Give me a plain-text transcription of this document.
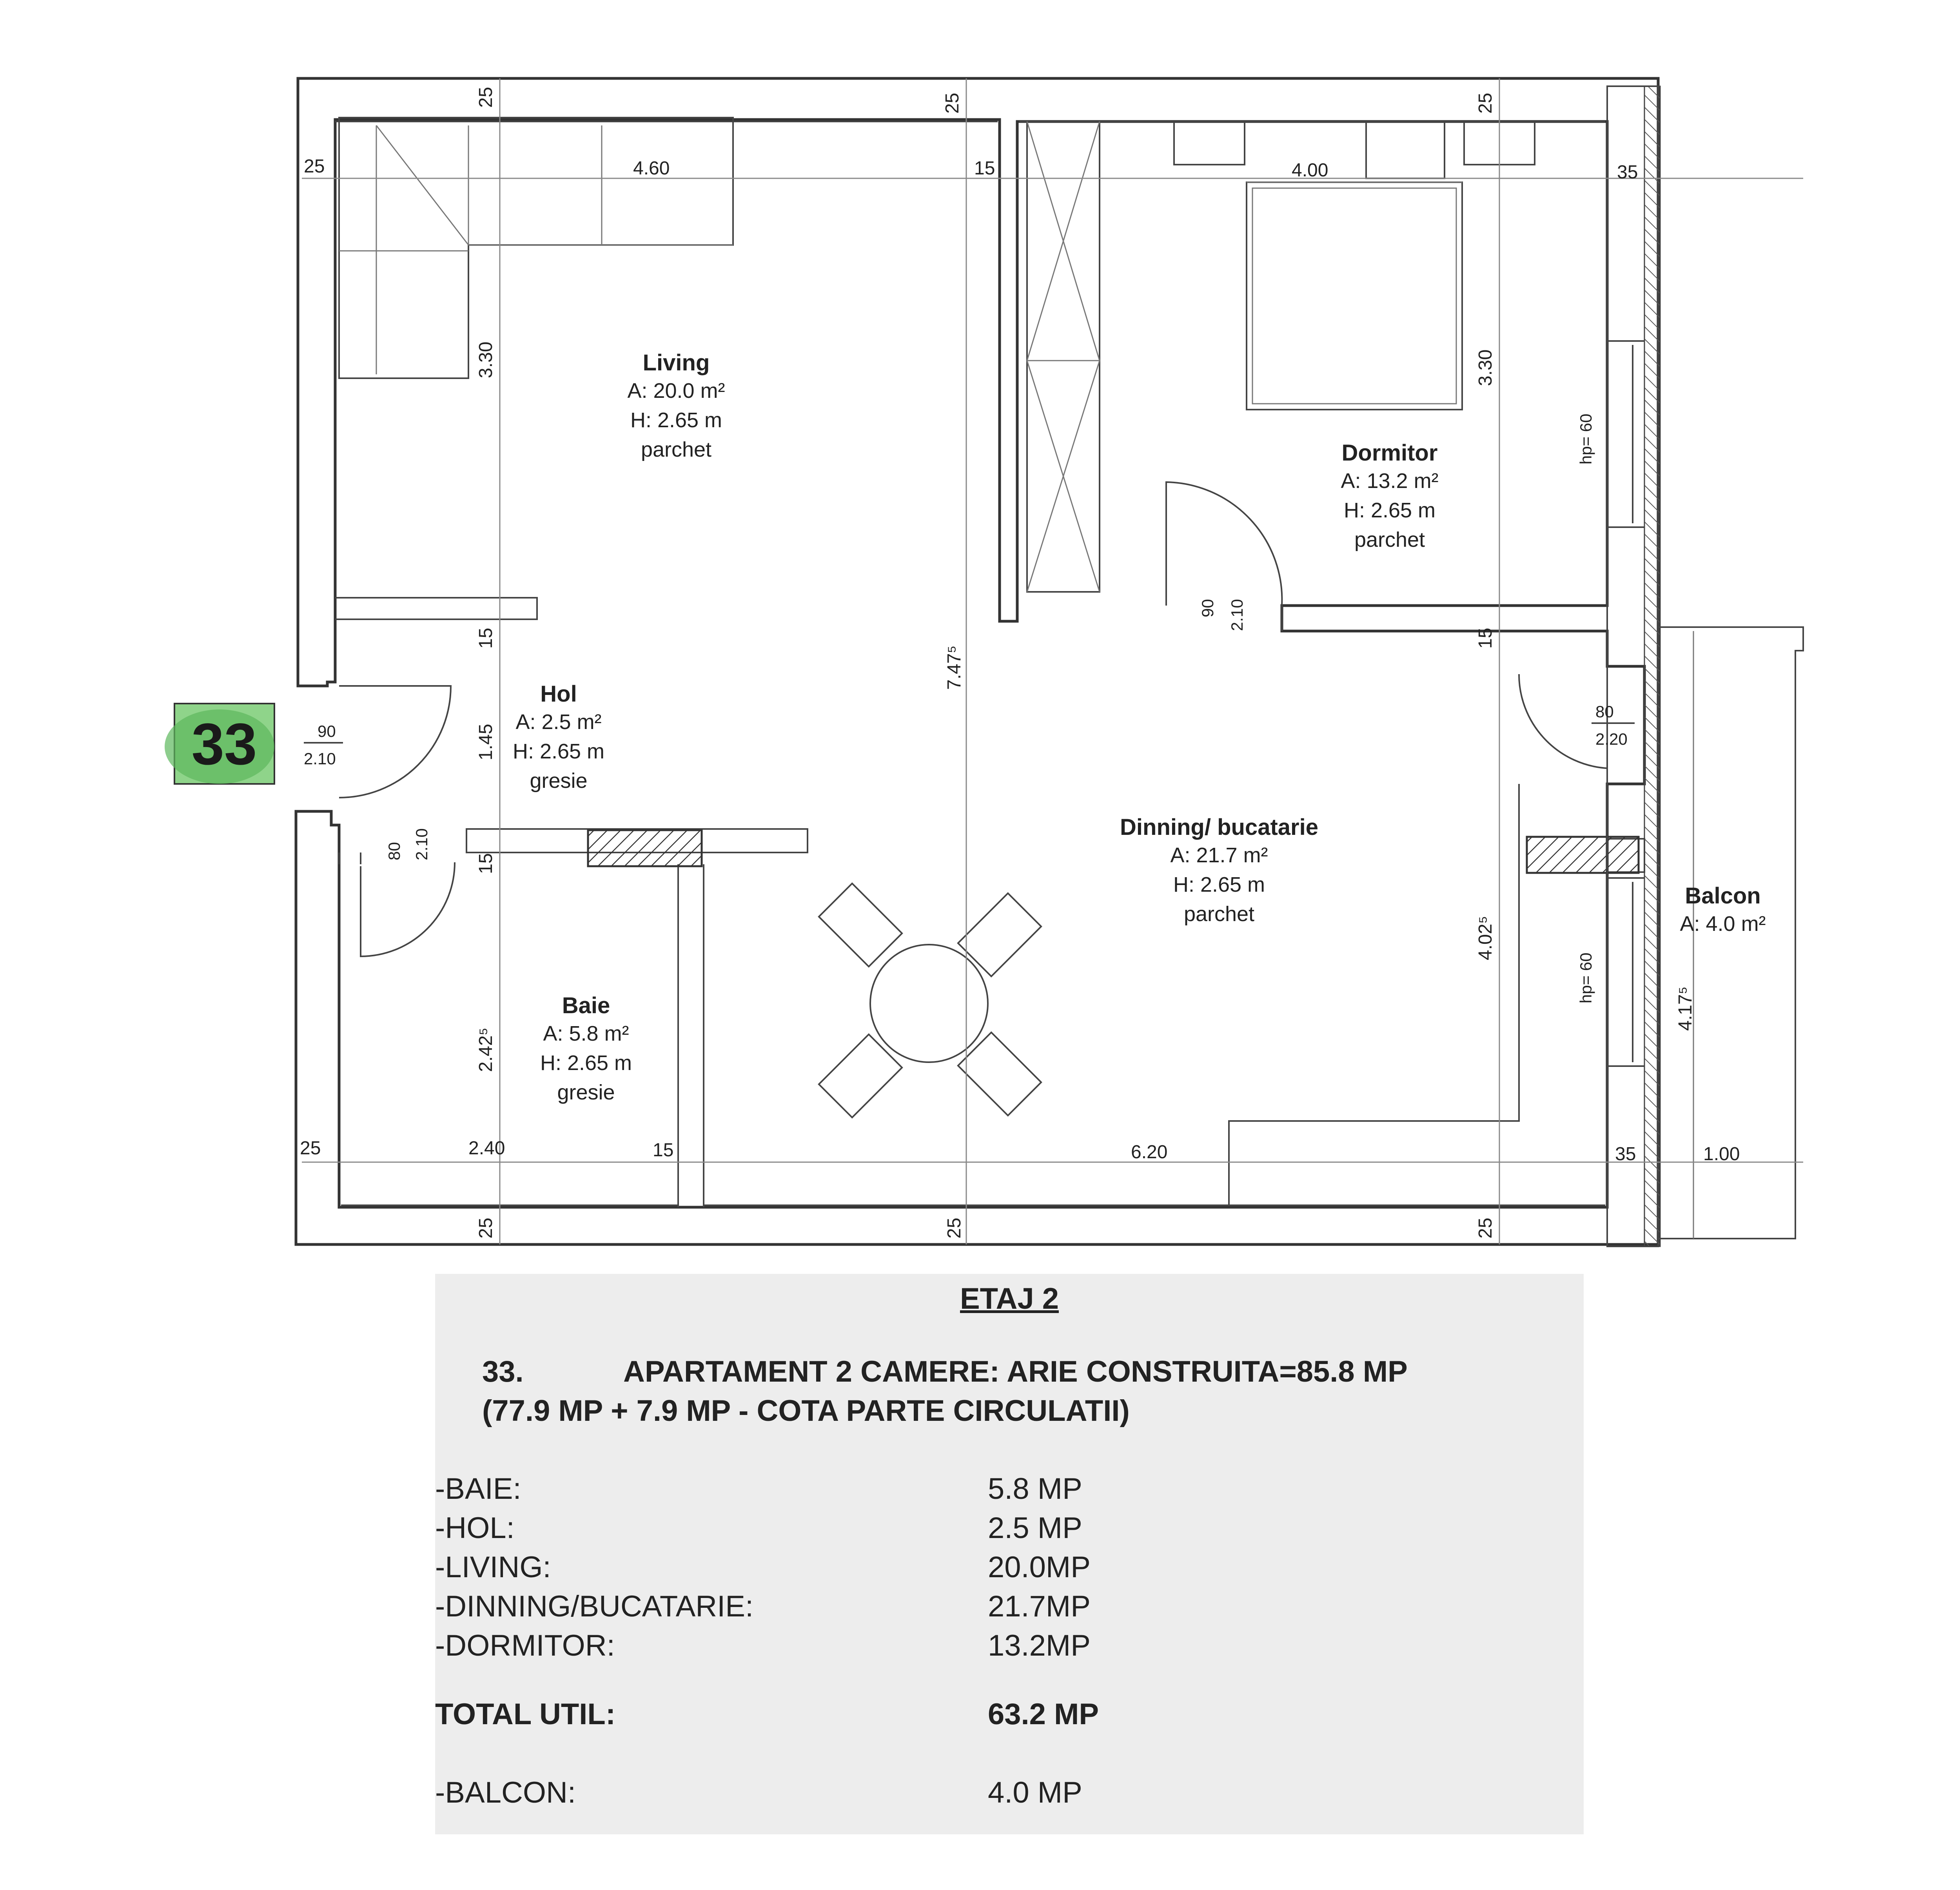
33
Living
A: 20.0 m²
H: 2.65 m
parchet	Dormitor
A: 13.2 m²
H: 2.65 m
parchet
Hol
A: 2.5 m²
H: 2.65 m
gresie
Baie
A: 5.8 m²
H: 2.65 m
gresie
Dinning/ bucatarie
A: 21.7 m²
H: 2.65 m
parchet
Balcon
A: 4.0 m²
25	25	25
25	4.60	15	4.00	35
3.30	3.30
hp= 60
hp= 60
90
2.10
90 2.10
15	15
1.45
7.47⁵
80
2.20
80 2.10
15
2.42⁵
4.02⁵
4.17⁵
25	2.40	15	6.20	35	1.00
25	25	25
ETAJ 2
33.	APARTAMENT 2 CAMERE: ARIE CONSTRUITA=85.8 MP
(77.9 MP + 7.9 MP - COTA PARTE CIRCULATII)
-BAIE:	5.8 MP
-HOL:	2.5 MP
-LIVING:	20.0MP
-DINNING/BUCATARIE:	21.7MP
-DORMITOR:	13.2MP
TOTAL UTIL:	63.2 MP
-BALCON:	4.0 MP
